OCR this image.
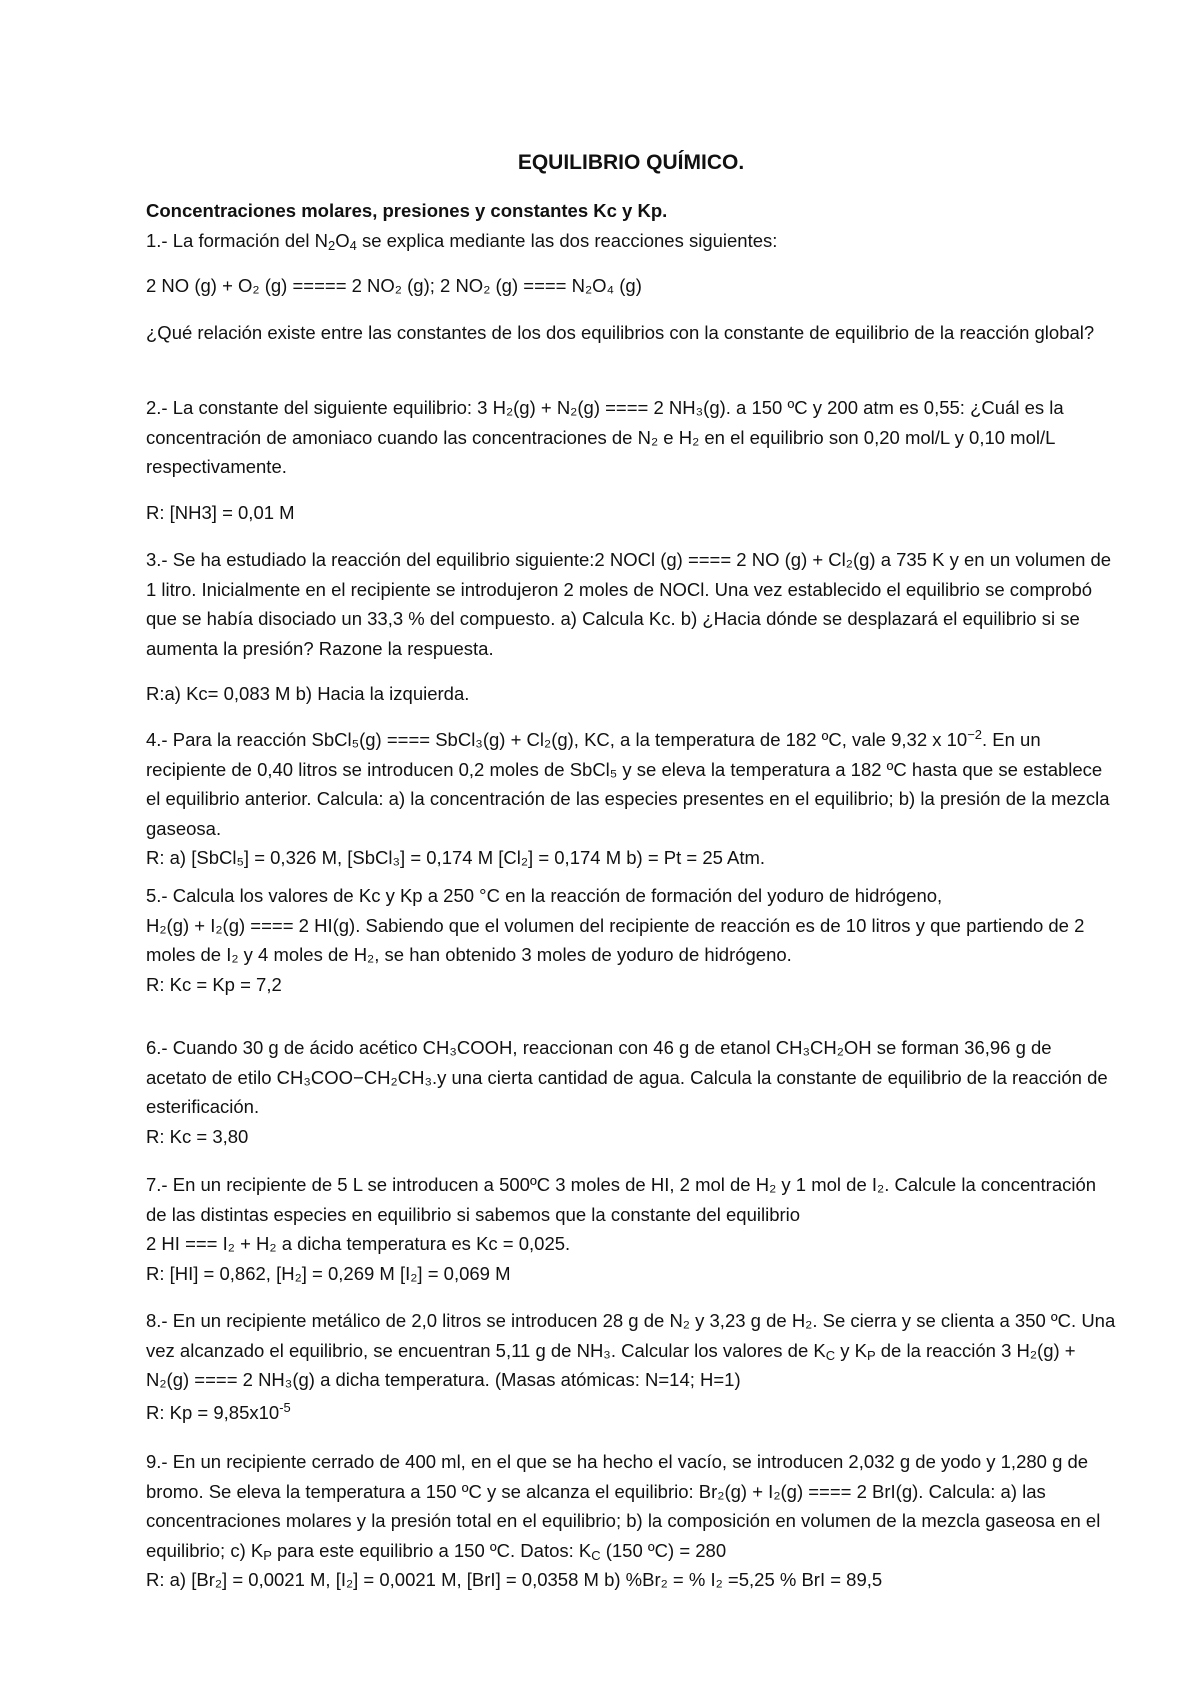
EQUILIBRIO QUÍMICO.

Concentraciones molares, presiones y constantes Kc y Kp.

1.- La formación del $N_2O_4$ se explica mediante las dos reacciones siguientes:

2 NO (g) + O₂ (g) ===== 2 NO₂ (g); 2 NO₂ (g) ==== N₂O₄ (g)

¿Qué relación existe entre las constantes de los dos equilibrios con la constante de equilibrio de la reacción global?

2.- La constante del siguiente equilibrio: 3 H₂(g) + N₂(g) ==== 2 NH₃(g). a 150 ºC y 200 atm es 0,55: ¿Cuál es la concentración de amoniaco cuando las concentraciones de N₂ e H₂ en el equilibrio son 0,20 mol/L y 0,10 mol/L respectivamente.

R: [NH3] = 0,01 M

3.- Se ha estudiado la reacción del equilibrio siguiente:2 NOCl (g) ==== 2 NO (g) + Cl₂(g) a 735 K y en un volumen de 1 litro. Inicialmente en el recipiente se introdujeron 2 moles de NOCl. Una vez establecido el equilibrio se comprobó que se había disociado un 33,3 % del compuesto. a) Calcula Kc. b) ¿Hacia dónde se desplazará el equilibrio si se aumenta la presión? Razone la respuesta.

R:a) Kc= 0,083 M b) Hacia la izquierda.

4.- Para la reacción SbCl₅(g) ==== SbCl₃(g) + Cl₂(g), KC, a la temperatura de 182 ºC, vale 9,32 x $10^{-2}$. En un recipiente de 0,40 litros se introducen 0,2 moles de SbCl₅ y se eleva la temperatura a 182 ºC hasta que se establece el equilibrio anterior. Calcula: a) la concentración de las especies presentes en el equilibrio; b) la presión de la mezcla gaseosa.

R: a) [SbCl₅] = 0,326 M, [SbCl₃] = 0,174 M [Cl₂] = 0,174 M b) = Pt = 25 Atm.

5.- Calcula los valores de Kc y Kp a 250 °C en la reacción de formación del yoduro de hidrógeno,

H₂(g) + I₂(g) ==== 2 HI(g). Sabiendo que el volumen del recipiente de reacción es de 10 litros y que partiendo de 2 moles de I₂ y 4 moles de H₂, se han obtenido 3 moles de yoduro de hidrógeno.

R: Kc = Kp = 7,2

6.- Cuando 30 g de ácido acético CH₃COOH, reaccionan con 46 g de etanol CH₃CH₂OH se forman 36,96 g de acetato de etilo CH₃COO−CH₂CH₃.y una cierta cantidad de agua. Calcula la constante de equilibrio de la reacción de esterificación.

R: Kc = 3,80

7.- En un recipiente de 5 L se introducen a 500ºC 3 moles de HI, 2 mol de H₂ y 1 mol de I₂. Calcule la concentración de las distintas especies en equilibrio si sabemos que la constante del equilibrio

2 HI === I₂ + H₂ a dicha temperatura es Kc = 0,025.

R: [HI] = 0,862, [H₂] = 0,269 M [I₂] = 0,069 M

8.- En un recipiente metálico de 2,0 litros se introducen 28 g de N₂ y 3,23 g de H₂. Se cierra y se clienta a 350 ºC. Una vez alcanzado el equilibrio, se encuentran 5,11 g de NH₃. Calcular los valores de $K_C$ y $K_P$ de la reacción 3 H₂(g) + N₂(g) ==== 2 NH₃(g) a dicha temperatura. (Masas atómicas: N=14; H=1)

R: $Kp = 9,85x10^{-5}$

9.- En un recipiente cerrado de 400 ml, en el que se ha hecho el vacío, se introducen 2,032 g de yodo y 1,280 g de bromo. Se eleva la temperatura a 150 ºC y se alcanza el equilibrio: Br₂(g) + I₂(g) ==== 2 BrI(g). Calcula: a) las concentraciones molares y la presión total en el equilibrio; b) la composición en volumen de la mezcla gaseosa en el equilibrio; c) $K_P$ para este equilibrio a 150 ºC. Datos: $K_C$ (150 ºC) = 280

R: a) [Br₂] = 0,0021 M, [I₂] = 0,0021 M, [BrI] = 0,0358 M b) %Br₂ = % I₂ =5,25 % BrI = 89,5
